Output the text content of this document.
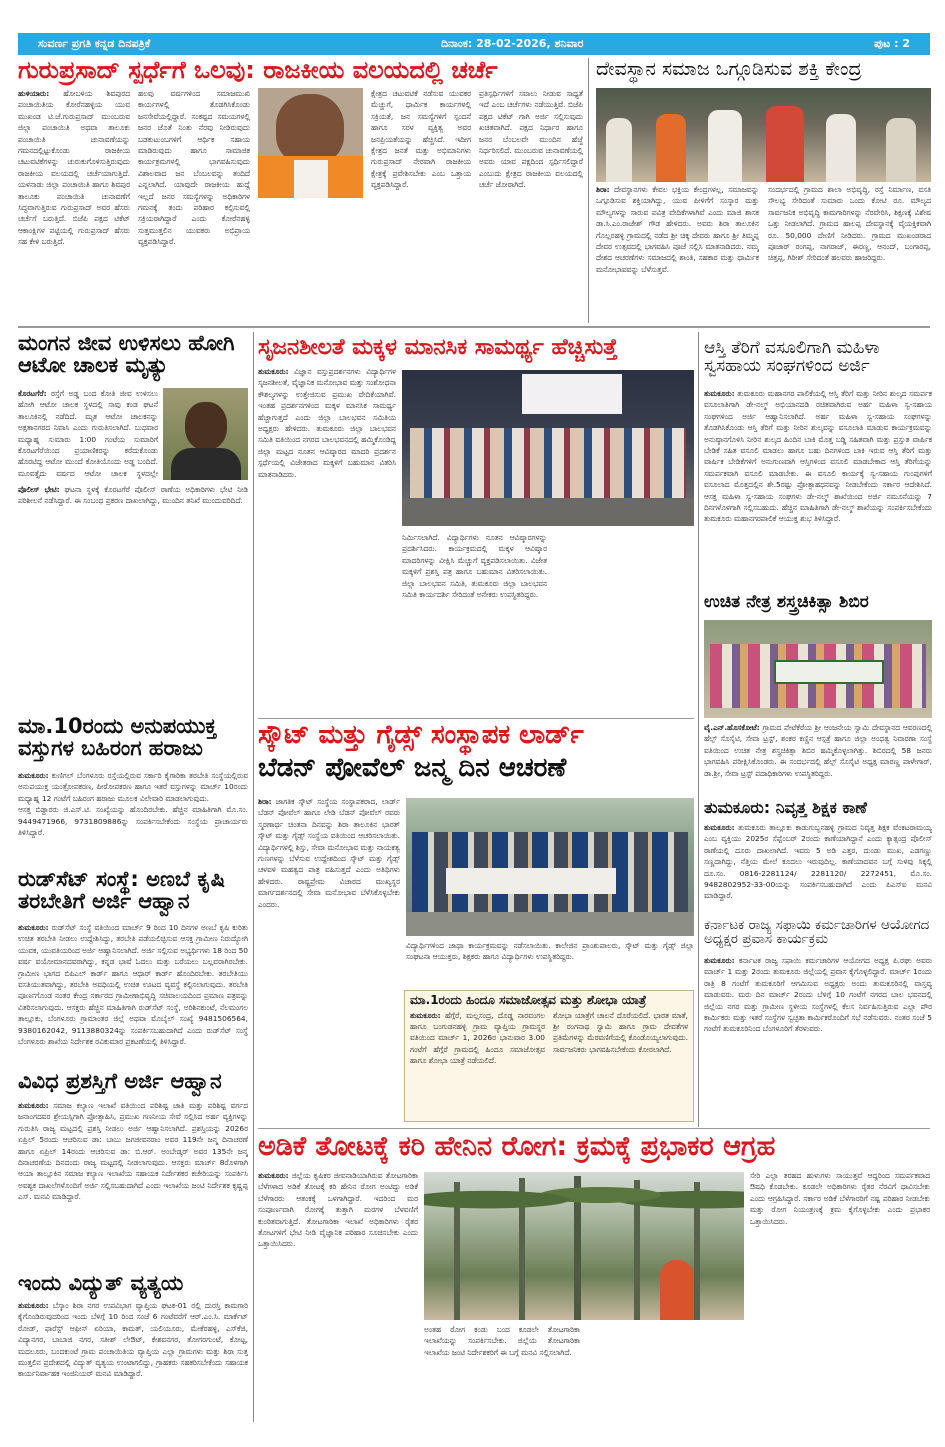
ಸುವರ್ಣ ಪ್ರಗತಿ ಕನ್ನಡ ದಿನಪತ್ರಿಕೆ	ದಿನಾಂಕ: 28-02-2026, ಶನಿವಾರ	ಪುಟ : 2
ಗುರುಪ್ರಸಾದ್ ಸ್ಪರ್ಧೆಗೆ ಒಲವು: ರಾಜಕೀಯ ವಲಯದಲ್ಲಿ ಚರ್ಚೆ	ದೇವಸ್ಥಾನ ಸಮಾಜ ಒಗ್ಗೂಡಿಸುವ ಶಕ್ತಿ ಕೇಂದ್ರ
ಹುಳಿಯಾರು: ಹೋಬಳಿಯ ಶಿವಪುರದ ಪಂಚಾಯಿತಿಯ ಕೋರೆನಹಳ್ಳಿಯ ಯುವ ಮುಖಂಡ ಟಿ.ಜೆ.ಗುರುಪ್ರಸಾದ್ ಮುಂಬರುವ ಜಿಲ್ಲಾ ಪಂಚಾಯಿತಿ ಅಥವಾ ತಾಲೂಕು ಪಂಚಾಯಿತಿ ಚುನಾವಣೆಯನ್ನು ಗಮನದಲ್ಲಿಟ್ಟುಕೊಂಡು ರಾಜಕೀಯ ಚಟುವಟಿಕೆಗಳನ್ನು ಚುರುಕುಗೊಳಿಸುತ್ತಿರುವುದು ರಾಜಕೀಯ ವಲಯದಲ್ಲಿ ಚರ್ಚೆಯಾಗುತ್ತಿದೆ. ಯಳನಾಡು ಜಿಲ್ಲಾ ಪಂಚಾಯಿತಿ ಹಾಗೂ ಶಿವಪುರ ತಾಲೂಕು ಪಂಚಾಯಿತಿ ಚುನಾವಣೆಗೆ ಸಿದ್ಧವಾಗುತ್ತಿರುವ ಗುರುಪ್ರಸಾದ್ ಅವರ ಹೆಸರು ಚರ್ಚೆಗೆ ಬರುತ್ತಿದೆ. ಬಿಜೆಪಿ ಪಕ್ಷದ ಟಿಕೆಟ್ ಆಕಾಂಕ್ಷಿಗಳ ಪಟ್ಟಿಯಲ್ಲಿ ಗುರುಪ್ರಸಾದ್ ಹೆಸರು ಸಹ ಕೇಳಿ ಬರುತ್ತಿದೆ.
ಹಲವು ವರ್ಷಗಳಿಂದ ಸಮಾಜಮುಖಿ ಕಾರ್ಯಗಳಲ್ಲಿ ತೊಡಗಿಸಿಕೊಂಡು ಜನಸೇವೆಯಲ್ಲಿದ್ದಾರೆ. ಸಂಕಷ್ಟದ ಸಮಯಗಳಲ್ಲಿ ಜನರ ಜೊತೆ ನಿಂತು ನೆರವು ನೀಡಿರುವುದು ಬಡಕುಟುಂಬಗಳಿಗೆ ಆರ್ಥಿಕ ಸಹಾಯ ಮಾಡಿರುವುದು ಹಾಗೂ ಸಾಮಾಜಿಕ ಕಾರ್ಯಕ್ರಮಗಳಲ್ಲಿ ಭಾಗವಹಿಸುವುದು ವಿಶಾಲವಾದ ಜನ ಬೆಂಬಲವನ್ನು ತಂದಿದೆ ಎನ್ನಲಾಗಿದೆ. ಯಾವುದೇ ರಾಜಕೀಯ ಹುದ್ದೆ ಇಲ್ಲದೆ ಜನರ ಸಮಸ್ಯೆಗಳನ್ನು ಅಧಿಕಾರಿಗಳ ಗಮನಕ್ಕೆ ತಂದು ಪರಿಹಾರ ಕಲ್ಪಿಸುವಲ್ಲಿ ಸಕ್ರಿಯರಾಗಿದ್ದಾರೆ ಎಂದು ಕೋರೆನಹಳ್ಳಿ ಸುತ್ತಮುತ್ತಲಿನ ಯುವಕರು ಅಭಿಪ್ರಾಯ ವ್ಯಕ್ತಪಡಿಸಿದ್ದಾರೆ.
ಕ್ಷೇತ್ರದ ಚಟುವಟಿಕೆ ನಡೆಸುವ ಯುವಕರ ಮೆಚ್ಚುಗೆ, ಧಾರ್ಮಿಕ ಕಾರ್ಯಗಳಲ್ಲಿ ಸಕ್ರಿಯತೆ, ಜನ ಸಮಸ್ಯೆಗಳಿಗೆ ಸ್ಪಂದನೆ ಹಾಗೂ ಸರಳ ವ್ಯಕ್ತಿತ್ವ ಅವರ ಜನಪ್ರಿಯತೆಯನ್ನು ಹೆಚ್ಚಿಸಿದೆ. ಇದೀಗ ಕ್ಷೇತ್ರದ ಜನತೆ ಮತ್ತು ಅಭಿಮಾನಿಗಳು ಗುರುಪ್ರಸಾದ್ ನೇರವಾಗಿ ರಾಜಕೀಯ ಕ್ಷೇತ್ರಕ್ಕೆ ಪ್ರವೇಶಿಸಬೇಕು ಎಂಬ ಒತ್ತಾಯ ವ್ಯಕ್ತಪಡಿಸಿದ್ದಾರೆ.
ಪ್ರತಿಸ್ಪರ್ಧಿಗಳಿಗೆ ಸವಾಲು ನೀಡುವ ಸಾಧ್ಯತೆ ಇದೆ ಎಂಬ ಚರ್ಚೆಗಳು ನಡೆಯುತ್ತಿವೆ. ಬಿಜೆಪಿ ಪಕ್ಷದ ಟಿಕೆಟ್ ಗಾಗಿ ಅರ್ಜಿ ಸಲ್ಲಿಸುವುದು ಖಚಿತವಾಗಿದೆ. ಪಕ್ಷದ ನಿರ್ಧಾರ ಹಾಗೂ ಜನರ ಬೆಂಬಲವೇ ಮುಂದಿನ ಹೆಜ್ಜೆ ನಿರ್ಧರಿಸಲಿದೆ. ಮುಂಬರುವ ಚುನಾವಣೆಯಲ್ಲಿ ಅವರು ಯಾವ ಪಕ್ಷದಿಂದ ಸ್ಪರ್ಧಿಸಲಿದ್ದಾರೆ ಎಂಬುದು ಕ್ಷೇತ್ರದ ರಾಜಕೀಯ ವಲಯದಲ್ಲಿ ಚರ್ಚೆ ಜೋರಾಗಿದೆ.
ಶಿರಾ: ದೇವಸ್ಥಾನಗಳು ಕೇವಲ ಭಕ್ತಿಯ ಕೇಂದ್ರಗಳಲ್ಲ, ಸಮಾಜವನ್ನು ಒಗ್ಗೂಡಿಸುವ ಶಕ್ತಿಯಾಗಿದ್ದು, ಯುವ ಪೀಳಿಗೆಗೆ ಸಂಸ್ಕಾರ ಮತ್ತು ಮೌಲ್ಯಗಳನ್ನು ಸಾರುವ ಪವಿತ್ರ ವೇದಿಕೆಗಳಾಗಿವೆ ಎಂದು ಮಾಜಿ ಶಾಸಕ ಡಾ.ಸಿ.ಎಂ.ರಾಜೇಶ್ ಗೌಡ ಹೇಳಿದರು. ಅವರು ಶಿರಾ ತಾಲೂಕಿನ ಗೊಲ್ಲರಹಳ್ಳಿ ಗ್ರಾಮದಲ್ಲಿ ನಡೆದ ಶ್ರೀ ಚಿಕ್ಕ ದೇವರು ಹಾಗೂ ಶ್ರೀ ತಿಮ್ಮಪ್ಪ ದೇವರ ಉತ್ಸವದಲ್ಲಿ ಭಾಗವಹಿಸಿ ಪೂಜೆ ಸಲ್ಲಿಸಿ ಮಾತನಾಡಿದರು. ನಮ್ಮ ದೇಶದ ಆಚರಣೆಗಳು ಸಮಾಜದಲ್ಲಿ ಶಾಂತಿ, ಸಹಕಾರ ಮತ್ತು ಧಾರ್ಮಿಕ ಮನೋಭಾವವನ್ನು ಬೆಳೆಸುತ್ತವೆ.
ಸಂದರ್ಭದಲ್ಲಿ ಗ್ರಾಮದ ಶಾಲಾ ಅಭಿವೃದ್ಧಿ, ರಸ್ತೆ ನಿರ್ಮಾಣ, ವಸತಿ ಸೌಲಭ್ಯ ಸೇರಿದಂತೆ ಸುಮಾರು ಒಂದು ಕೋಟಿ ರೂ. ಮೌಲ್ಯದ ಸಾರ್ವಜನಿಕ ಅಭಿವೃದ್ಧಿ ಕಾಮಗಾರಿಗಳನ್ನು ನೆರವೇರಿಸಿ, ಶಿಕ್ಷಣಕ್ಕೆ ವಿಶೇಷ ಒತ್ತು ನೀಡಲಾಗಿದೆ. ಗ್ರಾಮದ ಹಾಲಪ್ಪ ದೇವಸ್ಥಾನಕ್ಕೆ ವೈಯಕ್ತಿಕವಾಗಿ ರೂ. 50,000 ದೇಣಿಗೆ ನೀಡಿದರು. ಗ್ರಾಮದ ಮುಖಂಡರಾದ ಪೂಜಾರ್ ರಂಗಪ್ಪ, ನಾಗರಾಜ್, ಈರಣ್ಣ, ಆನಂದ್, ಬಂಗಾರಪ್ಪ, ಚಿತ್ತಪ್ಪ, ಗಿರೀಶ್ ಸೇರಿದಂತೆ ಹಲವರು ಹಾಜರಿದ್ದರು.
ಮಂಗನ ಜೀವ ಉಳಿಸಲು ಹೋಗಿ ಆಟೋ ಚಾಲಕ ಮೃತ್ಯು
ಕೊರಟಗೆರೆ: ರಸ್ತೆಗೆ ಅಡ್ಡ ಬಂದ ಕೋತಿ ಜೀವ ಉಳಿಸಲು ಹೋಗಿ ಆಟೋ ಚಾಲಕ ಸ್ಥಳದಲ್ಲಿ ಸಾವು ಕಂಡ ಘಟನೆ ತಾಲೂಕಿನಲ್ಲಿ ನಡೆದಿದೆ. ಮೃತ ಆಟೋ ಚಾಲಕನನ್ನು ಅಕ್ಷತಾನಗರದ ನಿವಾಸಿ ಎಂದು ಗುರುತಿಸಲಾಗಿದೆ. ಬುಧವಾರ ಮಧ್ಯಾಹ್ನ ಸುಮಾರು 1:00 ಗಂಟೆಯ ಸುಮಾರಿಗೆ ಕೊರಟಗೆರೆಯಿಂದ ಪ್ರಯಾಣಿಕರನ್ನು ಕರೆದುಕೊಂಡು ಹೊರಟಿದ್ದ ಆಟೋ ಮುಂದೆ ಕೋತಿಯೊಂದು ಅಡ್ಡ ಬಂದಿದೆ. ಮೂವತ್ತೈದು ವರ್ಷದ ಆಟೋ ಚಾಲಕ ಸ್ಥಳದಲ್ಲೇ
ಪೊಲೀಸ್ ಭೇಟಿ: ಘಟನಾ ಸ್ಥಳಕ್ಕೆ ಕೊರಟಗೆರೆ ಪೊಲೀಸ್ ಠಾಣೆಯ ಅಧಿಕಾರಿಗಳು ಭೇಟಿ ನೀಡಿ ಪರಿಶೀಲನೆ ನಡೆಸಿದ್ದಾರೆ. ಈ ಸಂಬಂಧ ಪ್ರಕರಣ ದಾಖಲಾಗಿದ್ದು, ಮುಂದಿನ ತನಿಖೆ ಮುಂದುವರಿದಿದೆ.
ಮಾ.10ರಂದು ಅನುಪಯುಕ್ತ ವಸ್ತುಗಳ ಬಹಿರಂಗ ಹರಾಜು
ತುಮಕೂರು: ಕುಣಿಗಲ್ ಬೆಂಗಳೂರು ರಸ್ತೆಯಲ್ಲಿರುವ ಸರ್ಕಾರಿ ಕೈಗಾರಿಕಾ ತರಬೇತಿ ಸಂಸ್ಥೆಯಲ್ಲಿರುವ ಅನುಪಯುಕ್ತ ಯಂತ್ರೋಪಕರಣ, ಪೀಠೋಪಕರಣ ಹಾಗೂ ಇತರೆ ವಸ್ತುಗಳನ್ನು ಮಾರ್ಚ್ 10ರಂದು ಮಧ್ಯಾಹ್ನ 12 ಗಂಟೆಗೆ ಬಹಿರಂಗ ಹರಾಜು ಮೂಲಕ ವಿಲೇವಾರಿ ಮಾಡಲಾಗುವುದು.
ಆಸಕ್ತ ಬಿಡ್ದಾರರು ಜಿ.ಎಸ್.ಟಿ. ಸಂಖ್ಯೆಯನ್ನು ಹೊಂದಿರಬೇಕು. ಹೆಚ್ಚಿನ ಮಾಹಿತಿಗಾಗಿ ಮೊ.ಸಂ. 9449471966, 9731809886ನ್ನು ಸಂಪರ್ಕಿಸಬೇಕೆಂದು ಸಂಸ್ಥೆಯ ಪ್ರಾಚಾರ್ಯರು ತಿಳಿಸಿದ್ದಾರೆ.
ರುಡ್‌ಸೆಟ್ ಸಂಸ್ಥೆ: ಅಣಬೆ ಕೃಷಿ ತರಬೇತಿಗೆ ಅರ್ಜಿ ಆಹ್ವಾನ
ತುಮಕೂರು: ರುಡ್‌ಸೆಟ್ ಸಂಸ್ಥೆ ವತಿಯಿಂದ ಮಾರ್ಚ್ 9 ರಿಂದ 10 ದಿನಗಳ ಅಣಬೆ ಕೃಷಿ ಕುರಿತು ಉಚಿತ ತರಬೇತಿ ನೀಡಲು ಉದ್ದೇಶಿಸಿದ್ದು, ತರಬೇತಿ ಪಡೆಯಲಿಚ್ಛಿಸುವ ಆಸಕ್ತ ಗ್ರಾಮೀಣ ನಿರುದ್ಯೋಗಿ ಯುವಕ, ಯುವತಿಯರಿಂದ ಅರ್ಜಿ ಆಹ್ವಾನಿಸಲಾಗಿದೆ. ಅರ್ಜಿ ಸಲ್ಲಿಸುವ ಅಭ್ಯರ್ಥಿಗಳು 18 ರಿಂದ 50 ವರ್ಷ ವಯೋಮಾನದವರಾಗಿದ್ದು, ಕನ್ನಡ ಭಾಷೆ ಓದಲು ಮತ್ತು ಬರೆಯಲು ಬಲ್ಲವರಾಗಿರಬೇಕು. ಗ್ರಾಮೀಣ ಭಾಗದ ಬಿಪಿಎಲ್ ಕಾರ್ಡ್ ಹಾಗೂ ಆಧಾರ್ ಕಾರ್ಡ್ ಹೊಂದಿರಬೇಕು. ತರಬೇತಿಯು ವಸತಿಯುತವಾಗಿದ್ದು, ತರಬೇತಿ ಅವಧಿಯಲ್ಲಿ ಉಚಿತ ಊಟದ ವ್ಯವಸ್ಥೆ ಕಲ್ಪಿಸಲಾಗುವುದು. ತರಬೇತಿ ಪೂರ್ಣಗೊಂಡ ನಂತರ ಕೇಂದ್ರ ಸರ್ಕಾರದ ಗ್ರಾಮೀಣಾಭಿವೃದ್ಧಿ ಸಚಿವಾಲಯದಿಂದ ಪ್ರಮಾಣ ಪತ್ರವನ್ನು ವಿತರಿಸಲಾಗುವುದು. ಆಸಕ್ತರು ಹೆಚ್ಚಿನ ಮಾಹಿತಿಗಾಗಿ ರುಡ್‌ಸೆಟ್ ಸಂಸ್ಥೆ, ಅರಿಶಿನಕುಂಟೆ, ನೆಲಮಂಗಲ ತಾಲ್ಲೂಕು, ಬೆಂಗಳೂರು ಗ್ರಾಮಾಂತರ ಜಿಲ್ಲೆ ಅಥವಾ ಮೊಬೈಲ್ ಸಂಖ್ಯೆ 9481506564, 9380162042, 9113880324ನ್ನು ಸಂಪರ್ಕಿಸಬಹುದಾಗಿದೆ ಎಂದು ರುಡ್‌ಸೆಟ್ ಸಂಸ್ಥೆ ಬೆಂಗಳೂರು ಶಾಖೆಯ ನಿರ್ದೇಶಕ ರವಿಕುಮಾರ ಪ್ರಕಟಣೆಯಲ್ಲಿ ತಿಳಿಸಿದ್ದಾರೆ.
ವಿವಿಧ ಪ್ರಶಸ್ತಿಗೆ ಅರ್ಜಿ ಆಹ್ವಾನ
ತುಮಕೂರು: ಸಮಾಜ ಕಲ್ಯಾಣ ಇಲಾಖೆ ವತಿಯಿಂದ ಪರಿಶಿಷ್ಟ ಜಾತಿ ಮತ್ತು ಪರಿಶಿಷ್ಟ ವರ್ಗದ ಜನಾಂಗದವರ ಶ್ರೇಯಸ್ಸಿಗಾಗಿ ಪ್ರೋತ್ಸಾಹಿಸಿ, ಪ್ರಮುಖ ಗಣನೀಯ ಸೇವೆ ಸಲ್ಲಿಸಿದ ಅರ್ಹ ವ್ಯಕ್ತಿಗಳನ್ನು ಗುರುತಿಸಿ ರಾಜ್ಯ ಮಟ್ಟದಲ್ಲಿ ಪ್ರಶಸ್ತಿ ನೀಡಲು ಅರ್ಜಿ ಆಹ್ವಾನಿಸಲಾಗಿದೆ. ಪ್ರಶಸ್ತಿಯನ್ನು 2026ರ ಏಪ್ರಿಲ್ 5ರಂದು ಆಚರಿಸುವ ಡಾ: ಬಾಬು ಜಗಜೀವನರಾಂ ಅವರ 119ನೇ ಜನ್ಮ ದಿನಾಚರಣೆ ಹಾಗೂ ಏಪ್ರಿಲ್ 14ರಂದು ಆಚರಿಸುವ ಡಾ: ಬಿ.ಆರ್. ಅಂಬೇಡ್ಕರ್ ಅವರ 135ನೇ ಜನ್ಮ ದಿನಾಚರಣೆಯ ದಿನದಂದು ರಾಜ್ಯ ಮಟ್ಟದಲ್ಲಿ ನೀಡಲಾಗುವುದು. ಆಸಕ್ತರು ಮಾರ್ಚ್ 8ರೊಳಗಾಗಿ ಆಯಾ ತಾಲ್ಲೂಕಿನ ಸಮಾಜ ಕಲ್ಯಾಣ ಇಲಾಖೆಯ ಸಹಾಯಕ ನಿರ್ದೇಶಕರ ಕಚೇರಿಯನ್ನು ಸಂಪರ್ಕಿಸಿ ಅವಶ್ಯಕ ದಾಖಲೆಗಳೊಂದಿಗೆ ಅರ್ಜಿ ಸಲ್ಲಿಸಬಹುದಾಗಿದೆ ಎಂದು ಇಲಾಖೆಯ ಜಂಟಿ ನಿರ್ದೇಶಕ ಕೃಷ್ಣಪ್ಪ ಎಸ್. ಮನವಿ ಮಾಡಿದ್ದಾರೆ.
ಇಂದು ವಿದ್ಯುತ್ ವ್ಯತ್ಯಯ
ತುಮಕೂರು: ಬೆಸ್ಕಾಂ ಶಿರಾ ನಗರ ಉಪವಿಭಾಗ ವ್ಯಾಪ್ತಿಯ ಘಟಕ-01 ರಲ್ಲಿ ದುರಸ್ತಿ ಕಾಮಗಾರಿ ಕೈಗೊಂಡಿರುವುದರಿಂದ ಇಂದು ಬೆಳಿಗ್ಗೆ 10 ರಿಂದ ಸಂಜೆ 6 ಗಂಟೆವರೆಗೆ ಆರ್.ಎಂ.ಸಿ. ಮಾರ್ಕೆಟ್ ರೋಡ್, ಫಾರೆಸ್ಟ್ ಆಫೀಸ್ ಏರಿಯಾ, ಕಾಮತ್, ಯಲಿಯೂರು, ಮೇಕೆರಹಳ್ಳಿ, ಎಸ್‌ಕೆಜಿ, ವಿದ್ಯಾನಗರ, ಬಾಬಾಜಿ ನಗರ, ಸತೀಶ್ ಲೇಔಟ್, ಕೇಶವನಗರ, ತೋಗರಗುಂಟೆ, ಕೋಟ್ಟ, ಮದಲೂರು, ಬಂದಕುಂಟೆ ಗ್ರಾಮ ಪಂಚಾಯಿತಿಯ ವ್ಯಾಪ್ತಿಯ ಎಲ್ಲಾ ಗ್ರಾಮಗಳು ಮತ್ತು ಶಿರಾ ಸುತ್ತ ಮುತ್ತಲಿನ ಪ್ರದೇಶದಲ್ಲಿ ವಿದ್ಯುತ್ ವ್ಯತ್ಯಯ ಉಂಟಾಗಲಿದ್ದು, ಗ್ರಾಹಕರು ಸಹಕರಿಸಬೇಕೆಂದು ಸಹಾಯಕ ಕಾರ್ಯನಿರ್ವಾಹಕ ಇಂಜಿನಿಯರ್ ಮನವಿ ಮಾಡಿದ್ದಾರೆ.
ಸೃಜನಶೀಲತೆ ಮಕ್ಕಳ ಮಾನಸಿಕ ಸಾಮರ್ಥ್ಯ ಹೆಚ್ಚಿಸುತ್ತೆ
ತುಮಕೂರು: ವಿಜ್ಞಾನ ವಸ್ತುಪ್ರದರ್ಶನಗಳು ವಿದ್ಯಾರ್ಥಿಗಳ ಸೃಜನಶೀಲತೆ, ವೈಜ್ಞಾನಿಕ ಮನೋಭಾವ ಮತ್ತು ಸಂಶೋಧನಾ ಕೌಶಲ್ಯಗಳನ್ನು ಉತ್ತೇಜಿಸುವ ಪ್ರಮುಖ ವೇದಿಕೆಯಾಗಿವೆ. ಇಂತಹ ಪ್ರದರ್ಶನಗಳಿಂದ ಮಕ್ಕಳ ಮಾನಸಿಕ ಸಾಮರ್ಥ್ಯ ಹೆಚ್ಚಾಗುತ್ತದೆ ಎಂದು ಜಿಲ್ಲಾ ಬಾಲಭವನ ಸಮಿತಿಯ ಅಧ್ಯಕ್ಷರು ಹೇಳಿದರು. ತುಮಕೂರು ಜಿಲ್ಲಾ ಬಾಲಭವನ ಸಮಿತಿ ವತಿಯಿಂದ ನಗರದ ಬಾಲಭವನದಲ್ಲಿ ಹಮ್ಮಿಕೊಂಡಿದ್ದ ಜಿಲ್ಲಾ ಮಟ್ಟದ ನೂತನ ಆವಿಷ್ಕಾರದ ಮಾದರಿ ಪ್ರದರ್ಶನ ಸ್ಪರ್ಧೆಯಲ್ಲಿ ವಿಜೇತರಾದ ಮಕ್ಕಳಿಗೆ ಬಹುಮಾನ ವಿತರಿಸಿ ಮಾತನಾಡಿದರು.
ನಿರ್ಮಿಸಲಾಗಿದೆ. ವಿದ್ಯಾರ್ಥಿಗಳು ನೂತನ ಆವಿಷ್ಕಾರಗಳನ್ನು ಪ್ರದರ್ಶಿಸಿದರು. ಕಾರ್ಯಕ್ರಮದಲ್ಲಿ ಮಕ್ಕಳ ಆವಿಷ್ಕಾರ ಮಾದರಿಗಳನ್ನು ವೀಕ್ಷಿಸಿ ಮೆಚ್ಚುಗೆ ವ್ಯಕ್ತಪಡಿಸಲಾಯಿತು. ವಿಜೇತ ಮಕ್ಕಳಿಗೆ ಪ್ರಶಸ್ತಿ ಪತ್ರ ಹಾಗೂ ಬಹುಮಾನ ವಿತರಿಸಲಾಯಿತು. ಜಿಲ್ಲಾ ಬಾಲಭವನ ಸಮಿತಿ, ತುಮಕೂರು ಜಿಲ್ಲಾ ಬಾಲಭವನ ಸಮಿತಿ ಕಾರ್ಯದರ್ಶಿ ಸೇರಿದಂತೆ ಅನೇಕರು ಉಪಸ್ಥಿತರಿದ್ದರು.
ಸ್ಕೌಟ್ ಮತ್ತು ಗೈಡ್ಸ್ ಸಂಸ್ಥಾಪಕ ಲಾರ್ಡ್
ಬೆಡನ್ ಪೋವೆಲ್ ಜನ್ಮ ದಿನ ಆಚರಣೆ
ಶಿರಾ: ಜಾಗತಿಕ ಸ್ಕೌಟ್ ಸಂಸ್ಥೆಯ ಸಂಸ್ಥಾಪಕರಾದ, ಲಾರ್ಡ್ ಬೆಡನ್ ಪೋವೆಲ್ ಹಾಗೂ ಲೇಡಿ ಬೆಡನ್ ಪೋವೆಲ್ ರವರು ಸ್ಮರಣಾರ್ಥ ಚಿಂತನಾ ದಿನವನ್ನು ಶಿರಾ ತಾಲೂಕಿನ ಭಾರತ್ ಸ್ಕೌಟ್ ಮತ್ತು ಗೈಡ್ಸ್ ಸಂಸ್ಥೆಯ ವತಿಯಿಂದ ಆಚರಿಸಲಾಯಿತು. ವಿದ್ಯಾರ್ಥಿಗಳಲ್ಲಿ ಶಿಸ್ತು, ಸೇವಾ ಮನೋಭಾವ ಮತ್ತು ನಾಯಕತ್ವ ಗುಣಗಳನ್ನು ಬೆಳೆಸುವ ಉದ್ದೇಶದಿಂದ ಸ್ಕೌಟ್ ಮತ್ತು ಗೈಡ್ಸ್ ಚಳವಳಿ ಮಹತ್ವದ ಪಾತ್ರ ವಹಿಸುತ್ತದೆ ಎಂದು ಅತಿಥಿಗಳು ಹೇಳಿದರು. ರಾಷ್ಟ್ರಪ್ರೇಮ ವಿಚಾರದ ಮುಖ್ಯಸ್ಥರ ಮಾರ್ಗದರ್ಶನದಲ್ಲಿ ಸೇವಾ ಮನೋಭಾವ ಬೆಳೆಸಿಕೊಳ್ಳಬೇಕು ಎಂದರು.
ವಿದ್ಯಾರ್ಥಿಗಳಿಂದ ಜಾಥಾ ಕಾರ್ಯಕ್ರಮವನ್ನು ನಡೆಸಲಾಯಿತು. ಕಾಲೇಜಿನ ಪ್ರಾಂಶುಪಾಲರು, ಸ್ಕೌಟ್ ಮತ್ತು ಗೈಡ್ಸ್ ಜಿಲ್ಲಾ ಸಂಘಟನಾ ಆಯುಕ್ತರು, ಶಿಕ್ಷಕರು ಹಾಗೂ ವಿದ್ಯಾರ್ಥಿಗಳು ಉಪಸ್ಥಿತರಿದ್ದರು.
ಮಾ.1ರಂದು ಹಿಂದೂ ಸಮಾಜೋತ್ಸವ ಮತ್ತು ಶೋಭಾ ಯಾತ್ರೆ
ತುಮಕೂರು: ಹೆಗ್ಗೆರೆ, ಮಲ್ಲಸಂದ್ರ, ದೊಡ್ಡ ನಾರವಂಗಲ ಹಾಗೂ ಬಂಗುಡನಹಳ್ಳಿ ಗ್ರಾಮ ವ್ಯಾಪ್ತಿಯ ಗ್ರಾಮಸ್ಥರ ವತಿಯಿಂದ ಮಾರ್ಚ್ 1, 2026ರ ಭಾನುವಾರ 3.00 ಗಂಟೆಗೆ ಹೆಗ್ಗೆರೆ ಗ್ರಾಮದಲ್ಲಿ ಹಿಂದೂ ಸಮಾಜೋತ್ಸವ ಹಾಗೂ ಶೋಭಾ ಯಾತ್ರೆ ನಡೆಯಲಿದೆ.
ಶೋಭಾ ಯಾತ್ರೆಗೆ ಚಾಲನೆ ದೊರೆಯಲಿದೆ. ಭಾರತ ಮಾತೆ, ಶ್ರೀ ರಂಗನಾಥ ಸ್ವಾಮಿ ಹಾಗೂ ಗ್ರಾಮ ದೇವತೆಗಳ ಪ್ರತಿಮೆಗಳನ್ನು ಮೆರವಣಿಗೆಯಲ್ಲಿ ಕೊಂಡೊಯ್ಯಲಾಗುವುದು. ಸಾರ್ವಜನಿಕರು ಭಾಗವಹಿಸಬೇಕೆಂದು ಕೋರಲಾಗಿದೆ.
ಆಸ್ತಿ ತೆರಿಗೆ ವಸೂಲಿಗಾಗಿ ಮಹಿಳಾ ಸ್ವಸಹಾಯ ಸಂಘಗಳಿಂದ ಅರ್ಜಿ
ತುಮಕೂರು: ತುಮಕೂರು ಮಹಾನಗರ ಪಾಲಿಕೆಯಲ್ಲಿ ಆಸ್ತಿ ತೆರಿಗೆ ಮತ್ತು ನೀರಿನ ಶುಲ್ಕದ ಸಮರ್ಪಕ ವಸೂಲಾತಿಗಾಗಿ ಡೇ-ನಲ್ಮ್ ಅಭಿಯಾನದಡಿ ರಚಿತವಾಗಿರುವ ಅರ್ಹ ಮಹಿಳಾ ಸ್ವ-ಸಹಾಯ ಸಂಘಗಳಿಂದ ಅರ್ಜಿ ಆಹ್ವಾನಿಸಲಾಗಿದೆ. ಅರ್ಹ ಮಹಿಳಾ ಸ್ವ-ಸಹಾಯ ಸಂಘಗಳನ್ನು ತೊಡಗಿಸಿಕೊಂಡು ಆಸ್ತಿ ತೆರಿಗೆ ಮತ್ತು ನೀರಿನ ಶುಲ್ಕವನ್ನು ವಸೂಲಾತಿ ಮಾಡುವ ಕಾರ್ಯಕ್ರಮವನ್ನು ಅನುಷ್ಠಾನಗೊಳಿಸಿ ನೀರಿನ ಶುಲ್ಕದ ಹಿಂದಿನ ಬಾಕಿ ಮೊತ್ತ ಬಡ್ಡಿ ಸಹಿತವಾಗಿ ಮತ್ತು ಪ್ರಸ್ತುತ ವಾರ್ಷಿಕ ಬೇಡಿಕೆ ಸಹಿತ ವಸೂಲಿ ಮಾಡಲು ಹಾಗೂ ಬಹು ದಿನಗಳಿಂದ ಬಾಕಿ ಇರುವ ಆಸ್ತಿ ತೆರಿಗೆ ಮತ್ತು ವಾರ್ಷಿಕ ಬೇಡಿಕೆಗಳಿಗೆ ಅನುಗುಣವಾಗಿ ಆಸ್ತಿಗಳಿಂದ ವಸೂಲಿ ಮಾಡಬೇಕಾದ ಆಸ್ತಿ ತೆರಿಗೆಯನ್ನು ಸಮರ್ಪಕವಾಗಿ ವಸೂಲಿ ಮಾಡಬೇಕು. ಈ ವಸೂಲಿ ಕಾರ್ಯಕ್ಕೆ ಸ್ವ-ಸಹಾಯ ಗುಂಪುಗಳಿಗೆ ವಸೂಲಾದ ಮೊತ್ತದಲ್ಲಿನ ಶೇ.5ರಷ್ಟು ಪ್ರೋತ್ಸಾಹಧನವನ್ನು ನೀಡಬೇಕೆಂದು ಸರ್ಕಾರ ಆದೇಶಿಸಿದೆ. ಆಸಕ್ತ ಮಹಿಳಾ ಸ್ವ-ಸಹಾಯ ಸಂಘಗಳು ಡೇ-ನಲ್ಮ್ ಶಾಖೆಯಿಂದ ಅರ್ಜಿ ನಮೂನೆಯನ್ನು 7 ದಿನಗಳೊಳಗಾಗಿ ಸಲ್ಲಿಸಬಹುದು. ಹೆಚ್ಚಿನ ಮಾಹಿತಿಗಾಗಿ ಡೇ-ನಲ್ಮ್ ಶಾಖೆಯನ್ನು ಸಂಪರ್ಕಿಸಬೇಕೆಂದು ತುಮಕೂರು ಮಹಾನಗರಪಾಲಿಕೆ ಆಯುಕ್ತ ಶುಭ ತಿಳಿಸಿದ್ದಾರೆ.
ಉಚಿತ ನೇತ್ರ ಶಸ್ತ್ರಚಿಕಿತ್ಸಾ ಶಿಬಿರ
ವೈ.ಎನ್.ಹೊಸಕೋಟೆ: ಗ್ರಾಮದ ಪೇಟೆಕೆರೆಯ ಶ್ರೀ ಆಂಜನೇಯ ಸ್ವಾಮಿ ದೇವಸ್ಥಾನದ ಆವರಣದಲ್ಲಿ ಹೆಲ್ಪ್ ಸೊಸೈಟಿ, ಸೇವಾ ಟ್ರಸ್ಟ್, ಶಂಕರ ಕಣ್ಣಿನ ಆಸ್ಪತ್ರೆ ಹಾಗೂ ಜಿಲ್ಲಾ ಅಂಧತ್ವ ನಿವಾರಣಾ ಸಂಸ್ಥೆ ವತಿಯಿಂದ ಉಚಿತ ನೇತ್ರ ಶಸ್ತ್ರಚಿಕಿತ್ಸಾ ಶಿಬಿರ ಹಮ್ಮಿಕೊಳ್ಳಲಾಗಿತ್ತು. ಶಿಬಿರದಲ್ಲಿ 58 ಜನರು ಭಾಗವಹಿಸಿ ಪರೀಕ್ಷಿಸಿಕೊಂಡರು. ಈ ಸಂದರ್ಭದಲ್ಲಿ ಹೆಲ್ಪ್ ಸೊಸೈಟಿ ಅಧ್ಯಕ್ಷ ಮಾರಣ್ಣ ಪಾಳೇಗಾರ್, ಡಾ.ಶ್ರೀ, ಸೇವಾ ಟ್ರಸ್ಟ್ ಪದಾಧಿಕಾರಿಗಳು ಉಪಸ್ಥಿತರಿದ್ದರು.
ತುಮಕೂರು: ನಿವೃತ್ತ ಶಿಕ್ಷಕ ಕಾಣೆ
ತುಮಕೂರು: ತುಮಕೂರು ತಾಲ್ಲೂಕು ಕಾಡುಗುಬ್ಬನಹಳ್ಳಿ ಗ್ರಾಮದ ನಿವೃತ್ತ ಶಿಕ್ಷಕ ವೆಂಕಟರಾಮಯ್ಯ ಎಂಬ ವ್ಯಕ್ತಿಯು 2025ರ ಸೆಪ್ಟೆಂಬರ್ 2ರಂದು ಕಾಣೆಯಾಗಿದ್ದಾನೆ ಎಂದು ಕ್ಯಾತ್ಸಂದ್ರ ಪೊಲೀಸ್ ಠಾಣೆಯಲ್ಲಿ ದೂರು ದಾಖಲಾಗಿದೆ. ಇವರು 5 ಅಡಿ ಎತ್ತರ, ದುಂಡು ಮುಖ, ಎಡಗಣ್ಣು ಸಣ್ಣದಾಗಿದ್ದು, ನೆತ್ತಿಯ ಮೇಲೆ ಕೂದಲು ಇರುವುದಿಲ್ಲ. ಕಾಣೆಯಾದವನ ಬಗ್ಗೆ ಸುಳಿವು ಸಿಕ್ಕಲ್ಲಿ ದೂ.ಸಂ. 0816-2281124/ 2281120/ 2272451, ಮೊ.ಸಂ. 9482802952-33-00ಯನ್ನು ಸಂಪರ್ಕಿಸಬಹುದಾಗಿದೆ ಎಂದು ಪಿಎಸ್‌ಐ ಮನವಿ ಮಾಡಿದ್ದಾರೆ.
ಕರ್ನಾಟಕ ರಾಜ್ಯ ಸಫಾಯಿ ಕರ್ಮಚಾರಿಗಳ ಆಯೋಗದ ಅಧ್ಯಕ್ಷರ ಪ್ರವಾಸ ಕಾರ್ಯಕ್ರಮ
ತುಮಕೂರು: ಕರ್ನಾಟಕ ರಾಜ್ಯ ಸಫಾಯಿ ಕರ್ಮಚಾರಿಗಳ ಆಯೋಗದ ಅಧ್ಯಕ್ಷ ಪಿ.ರಘು ಅವರು ಮಾರ್ಚ್ 1 ಮತ್ತು 2ರಂದು ತುಮಕೂರು ಜಿಲ್ಲೆಯಲ್ಲಿ ಪ್ರವಾಸ ಕೈಗೊಳ್ಳಲಿದ್ದಾರೆ. ಮಾರ್ಚ್ 1ರಂದು ರಾತ್ರಿ 8 ಗಂಟೆಗೆ ತುಮಕೂರಿಗೆ ಆಗಮಿಸುವ ಅಧ್ಯಕ್ಷರು ಅಂದು ತುಮಕೂರಿನಲ್ಲಿ ವಾಸ್ತವ್ಯ ಮಾಡುವರು. ಮರು ದಿನ ಮಾರ್ಚ್ 2ರಂದು ಬೆಳಿಗ್ಗೆ 10 ಗಂಟೆಗೆ ನಗರದ ಬಾಲ ಭವನದಲ್ಲಿ ಜಿಲ್ಲೆಯ ನಗರ ಮತ್ತು ಗ್ರಾಮೀಣ ಸ್ಥಳೀಯ ಸಂಸ್ಥೆಗಳಲ್ಲಿ ಕೆಲಸ ನಿರ್ವಹಿಸುತ್ತಿರುವ ಎಲ್ಲಾ ಪೌರ ಕಾರ್ಮಿಕರು ಮತ್ತು ಇತರೆ ಸಂಸ್ಥೆಗಳ ಸ್ವಚ್ಛತಾ ಕಾರ್ಮಿಕರೊಂದಿಗೆ ಸಭೆ ನಡೆಸುವರು. ನಂತರ ಸಂಜೆ 5 ಗಂಟೆಗೆ ತುಮಕೂರಿನಿಂದ ಬೆಂಗಳೂರಿಗೆ ತೆರಳುವರು.
ಅಡಿಕೆ ತೋಟಕ್ಕೆ ಕರಿ ಹೇನಿನ ರೋಗ: ಕ್ರಮಕ್ಕೆ ಪ್ರಭಾಕರ ಆಗ್ರಹ
ತುಮಕೂರು: ಜಿಲ್ಲೆಯ ಕೃಷಿಕರ ಜೀವನಾಡಿಯಾಗಿರುವ ತೋಟಗಾರಿಕಾ ಬೆಳೆಗಳಾದ ಅಡಿಕೆ ತೋಟಕ್ಕೆ ಕರಿ ಹೇನಿನ ರೋಗ ಅಂಟಿದ್ದು ಅಡಿಕೆ ಬೆಳೆಗಾರರು ಆತಂಕಕ್ಕೆ ಒಳಗಾಗಿದ್ದಾರೆ. ಇದರಿಂದ ಮರ ಸಂಪೂರ್ಣವಾಗಿ ರೋಗಕ್ಕೆ ತುತ್ತಾಗಿ ಮರಗಳ ಬೆಳವಣಿಗೆ ಕುಂಠಿತವಾಗುತ್ತಿದೆ. ತೋಟಗಾರಿಕಾ ಇಲಾಖೆ ಅಧಿಕಾರಿಗಳು ರೈತರ ತೋಟಗಳಿಗೆ ಭೇಟಿ ನೀಡಿ ವೈಜ್ಞಾನಿಕ ಪರಿಹಾರ ಸೂಚಿಸಬೇಕು ಎಂದು ಒತ್ತಾಯಿಸಿದರು.
ಅಂತಹ ರೋಗ ಕಂಡು ಬಂದ ಕೂಡಲೇ ತೋಟಗಾರಿಕಾ ಇಲಾಖೆಯನ್ನು ಸಂಪರ್ಕಿಸಬೇಕು. ಜಿಲ್ಲೆಯ ತೋಟಗಾರಿಕಾ ಇಲಾಖೆಯ ಜಂಟಿ ನಿರ್ದೇಶಕರಿಗೆ ಈ ಬಗ್ಗೆ ಮನವಿ ಸಲ್ಲಿಸಲಾಗಿದೆ.
ಸೇರಿ ಎಲ್ಲಾ ತರಹದ ಹುಳುಗಳು ಸಾಯುತ್ತವೆ ಆದ್ದರಿಂದ ಸಮರ್ಪಕವಾದ ಔಷಧಿ ಕೊಡಬೇಕು. ಕೂಡಲೇ ಅಧಿಕಾರಿಗಳು ರೈತರ ನೆರವಿಗೆ ಧಾವಿಸಬೇಕು ಎಂದು ಆಗ್ರಹಿಸಿದ್ದಾರೆ. ಸರ್ಕಾರ ಅಡಿಕೆ ಬೆಳೆಗಾರರಿಗೆ ನಷ್ಟ ಪರಿಹಾರ ನೀಡಬೇಕು ಮತ್ತು ರೋಗ ನಿಯಂತ್ರಣಕ್ಕೆ ಕ್ರಮ ಕೈಗೊಳ್ಳಬೇಕು ಎಂದು ಪ್ರಭಾಕರ ಒತ್ತಾಯಿಸಿದರು.
